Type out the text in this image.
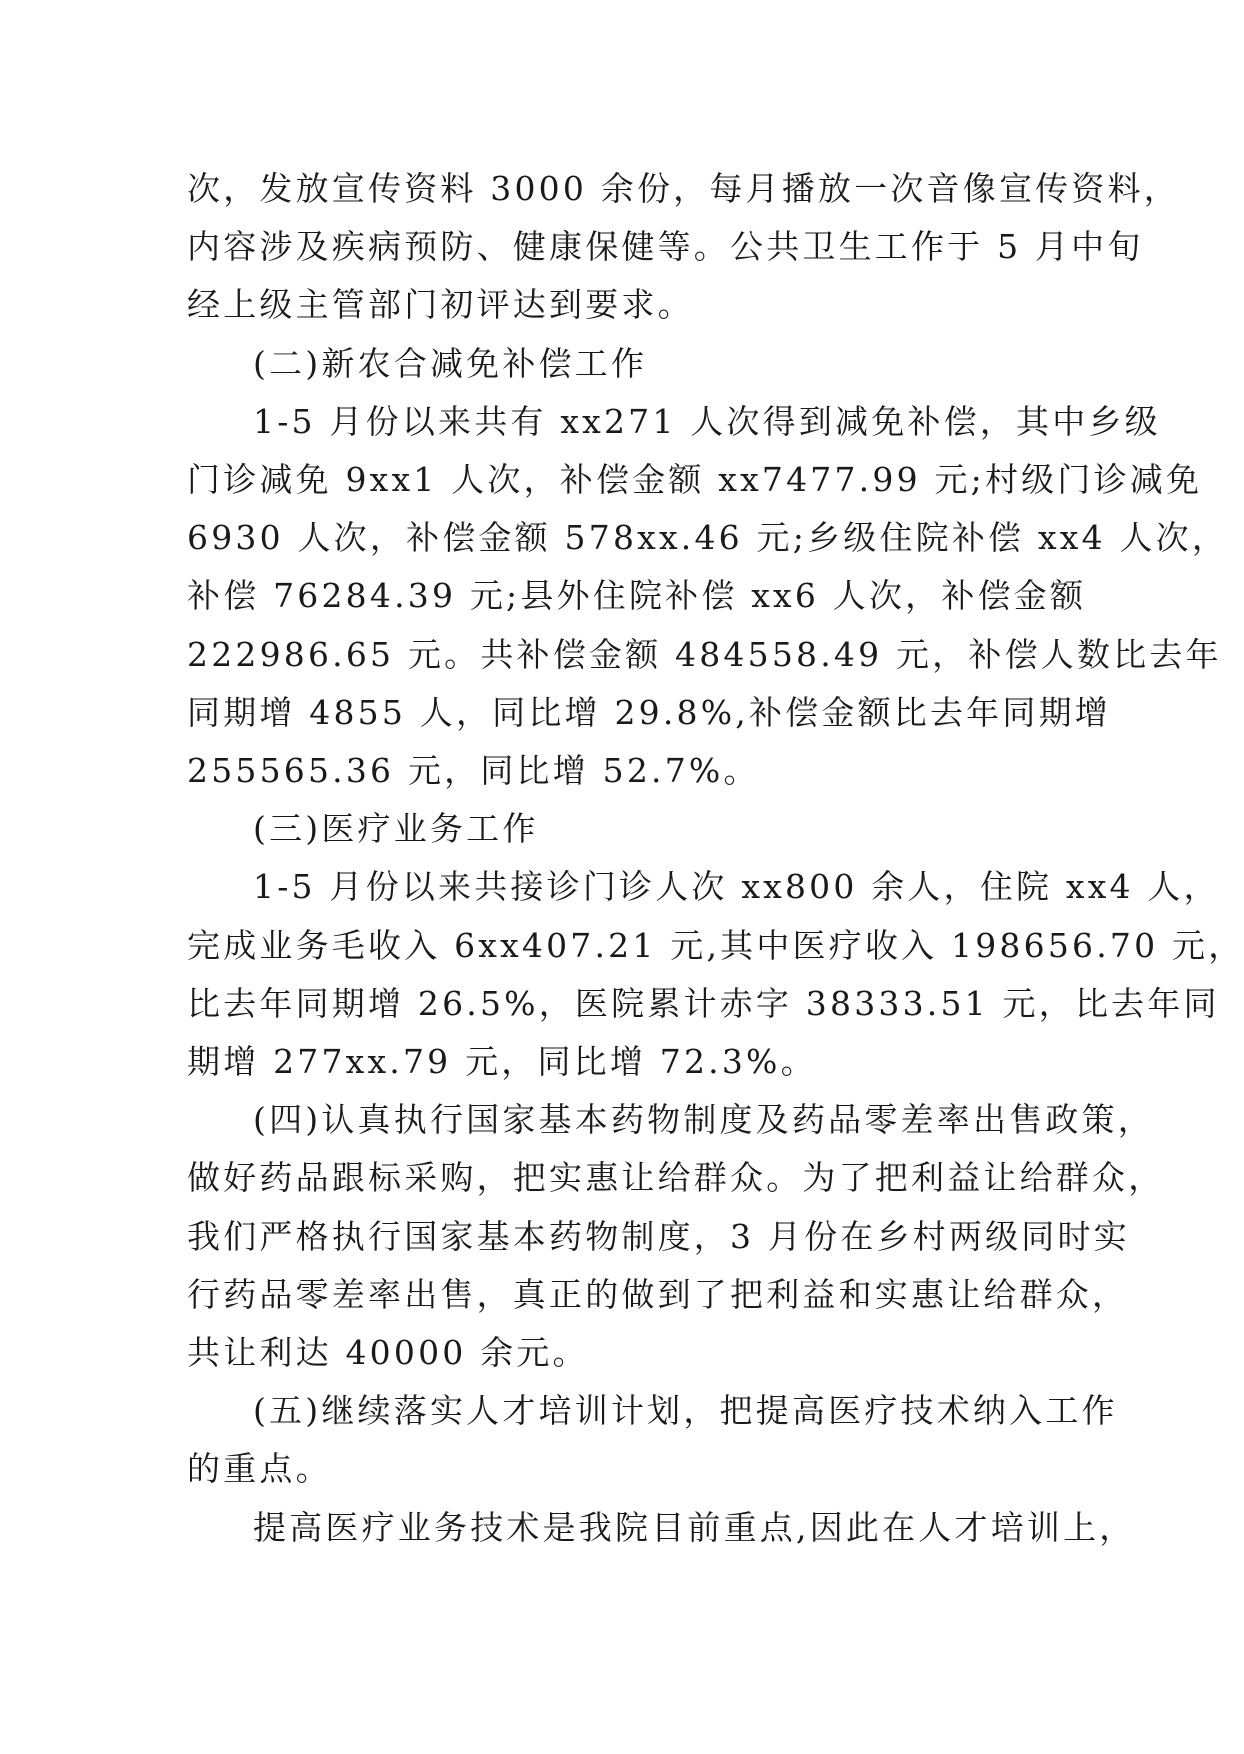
次，发放宣传资料 3000 余份，每月播放一次音像宣传资料，
内容涉及疾病预防、健康保健等。公共卫生工作于 5 月中旬
经上级主管部门初评达到要求。
(二)新农合减免补偿工作
1-5 月份以来共有 xx271 人次得到减免补偿，其中乡级
门诊减免 9xx1 人次，补偿金额 xx7477.99 元;村级门诊减免
6930 人次，补偿金额 578xx.46 元;乡级住院补偿 xx4 人次，
补偿 76284.39 元;县外住院补偿 xx6 人次，补偿金额
222986.65 元。共补偿金额 484558.49 元，补偿人数比去年
同期增 4855 人，同比增 29.8%,补偿金额比去年同期增
255565.36 元，同比增 52.7%。
(三)医疗业务工作
1-5 月份以来共接诊门诊人次 xx800 余人，住院 xx4 人，
完成业务毛收入 6xx407.21 元,其中医疗收入 198656.70 元，
比去年同期增 26.5%，医院累计赤字 38333.51 元，比去年同
期增 277xx.79 元，同比增 72.3%。
(四)认真执行国家基本药物制度及药品零差率出售政策，
做好药品跟标采购，把实惠让给群众。为了把利益让给群众，
我们严格执行国家基本药物制度，3 月份在乡村两级同时实
行药品零差率出售，真正的做到了把利益和实惠让给群众，
共让利达 40000 余元。
(五)继续落实人才培训计划，把提高医疗技术纳入工作
的重点。
提高医疗业务技术是我院目前重点,因此在人才培训上，
